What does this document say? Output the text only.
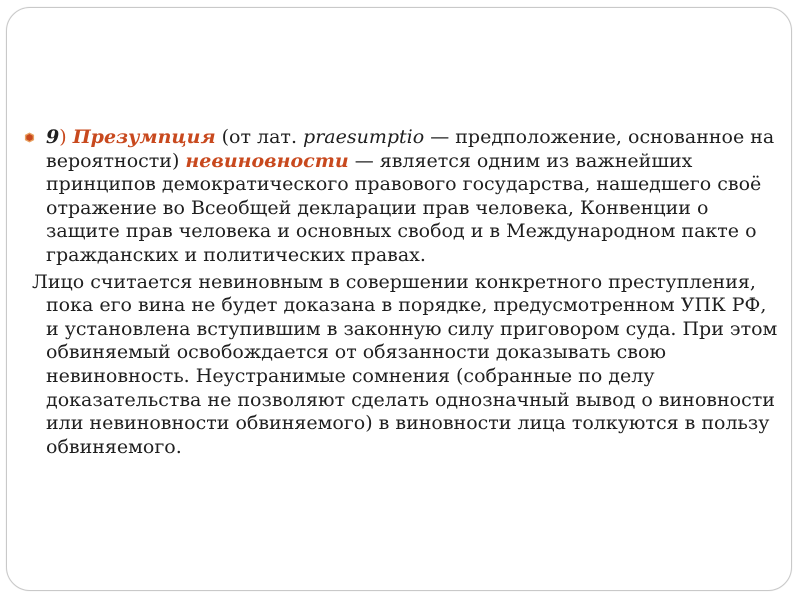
9) Презумпция (от лат. praesumptio — предположение, основанное на вероятности) невиновности — является одним из важнейших принципов демократического правового государства, нашедшего своё отражение во Всеобщей декларации прав человека, Конвенции о защите прав человека и основных свобод и в Международном пакте о гражданских и политических правах.

Лицо считается невиновным в совершении конкретного преступления, пока его вина не будет доказана в порядке, предусмотренном УПК РФ, и установлена вступившим в законную силу приговором суда. При этом обвиняемый освобождается от обязанности доказывать свою невиновность. Неустранимые сомнения (собранные по делу доказательства не позволяют сделать однозначный вывод о виновности или невиновности обвиняемого) в виновности лица толкуются в пользу обвиняемого.
